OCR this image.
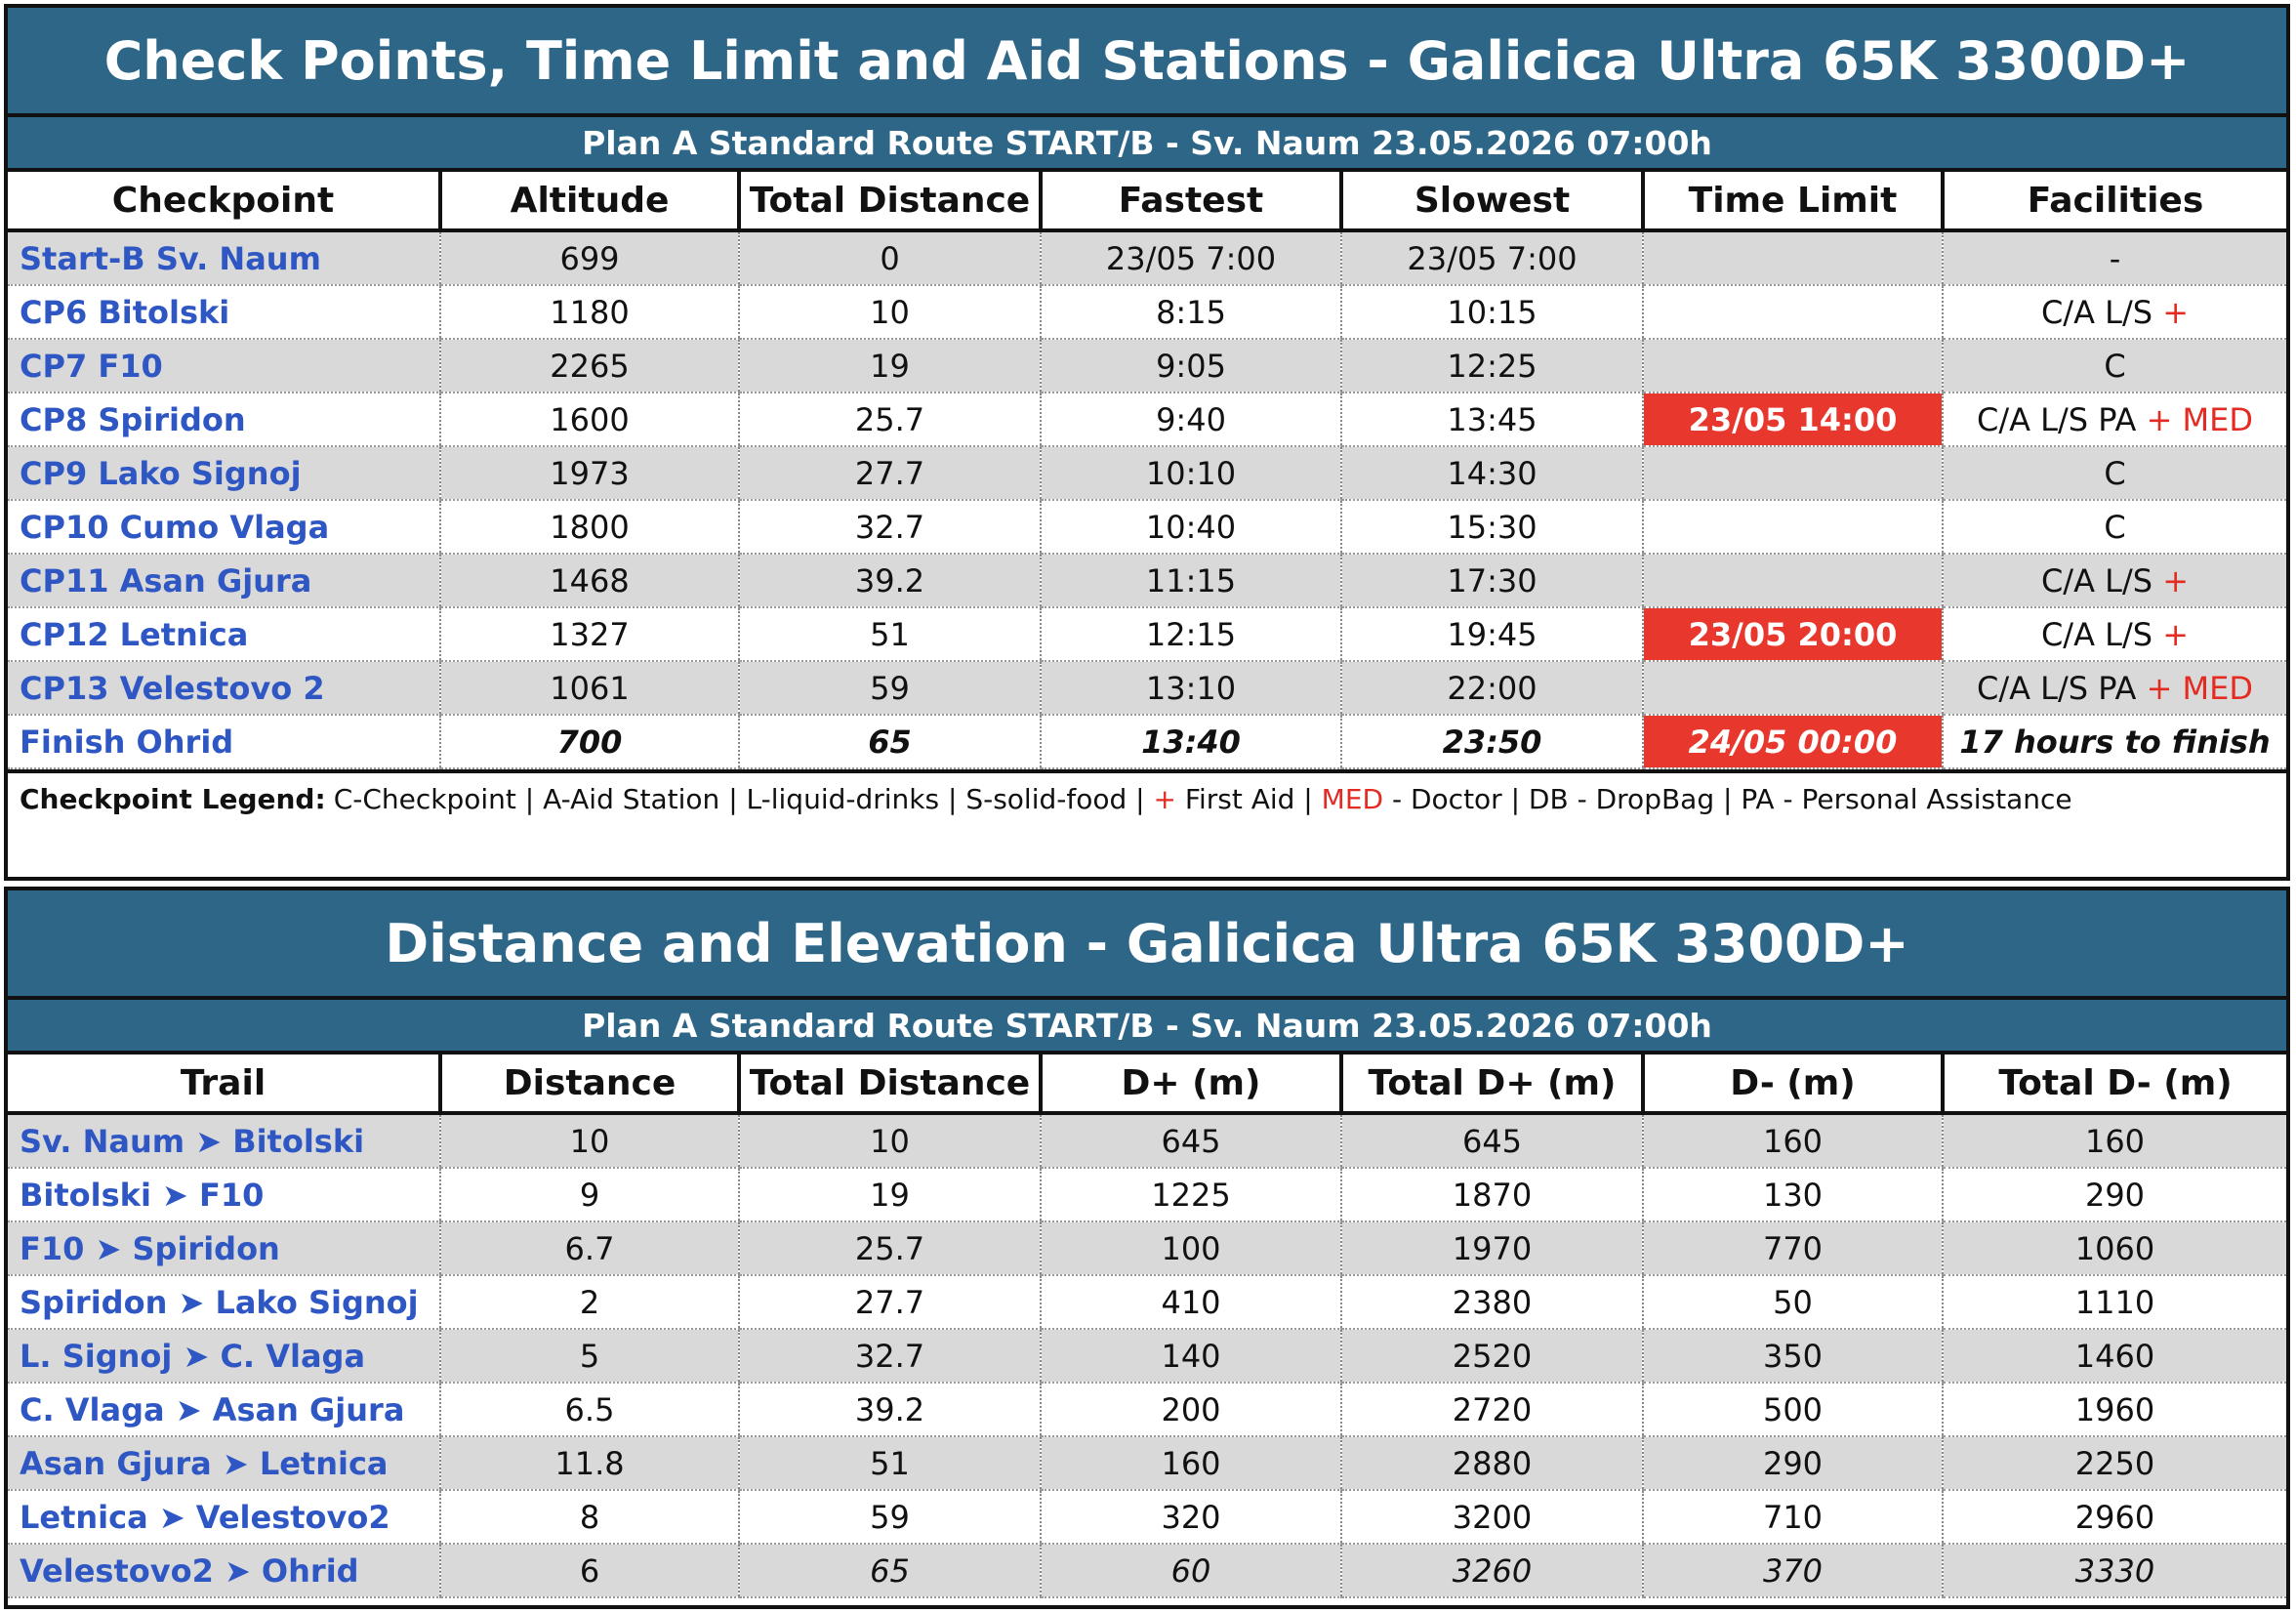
Check Points, Time Limit and Aid Stations - Galicica Ultra 65K 3300D+
Plan A Standard Route START/B - Sv. Naum 23.05.2026 07:00h
Checkpoint	Altitude	Total Distance	Fastest	Slowest	Time Limit	Facilities
Start-B Sv. Naum	699	0	23/05 7:00	23/05 7:00		-
CP6 Bitolski	1180	10	8:15	10:15		C/A L/S +
CP7 F10	2265	19	9:05	12:25		C
CP8 Spiridon	1600	25.7	9:40	13:45	23/05 14:00	C/A L/S PA + MED
CP9 Lako Signoj	1973	27.7	10:10	14:30		C
CP10 Cumo Vlaga	1800	32.7	10:40	15:30		C
CP11 Asan Gjura	1468	39.2	11:15	17:30		C/A L/S +
CP12 Letnica	1327	51	12:15	19:45	23/05 20:00	C/A L/S +
CP13 Velestovo 2	1061	59	13:10	22:00		C/A L/S PA + MED
Finish Ohrid	700	65	13:40	23:50	24/05 00:00	17 hours to finish
Checkpoint Legend: C-Checkpoint | A-Aid Station | L-liquid-drinks | S-solid-food |
+
First Aid |
MED
- Doctor | DB - DropBag | PA - Personal Assistance
Distance and Elevation - Galicica Ultra 65K 3300D+
Plan A Standard Route START/B - Sv. Naum 23.05.2026 07:00h
Trail	Distance	Total Distance	D+ (m)	Total D+ (m)	D- (m)	Total D- (m)
Sv. Naum ➤ Bitolski	10	10	645	645	160	160
Bitolski ➤ F10	9	19	1225	1870	130	290
F10 ➤ Spiridon	6.7	25.7	100	1970	770	1060
Spiridon ➤ Lako Signoj	2	27.7	410	2380	50	1110
L. Signoj ➤ C. Vlaga	5	32.7	140	2520	350	1460
C. Vlaga ➤ Asan Gjura	6.5	39.2	200	2720	500	1960
Asan Gjura ➤ Letnica	11.8	51	160	2880	290	2250
Letnica ➤ Velestovo2	8	59	320	3200	710	2960
Velestovo2 ➤ Ohrid	6	65	60	3260	370	3330
